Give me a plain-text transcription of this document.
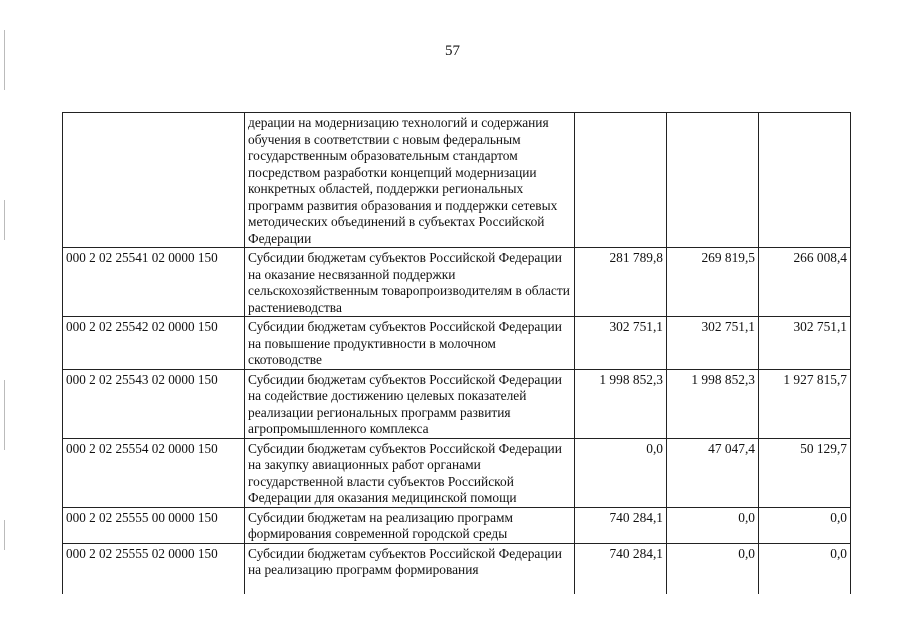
57
	дерации на модернизацию технологий и содержания обучения в соответствии с новым федеральным государственным образовательным стандартом посредством разработки концепций модернизации конкретных областей, поддержки региональных программ развития образования и поддержки сетевых методических объединений в субъектах Российской Федерации			
000 2 02 25541 02 0000 150	Субсидии бюджетам субъектов Российской Федерации на оказание несвязанной поддержки сельскохозяйственным товаропроизводителям в области растениеводства	281 789,8	269 819,5	266 008,4
000 2 02 25542 02 0000 150	Субсидии бюджетам субъектов Российской Федерации на повышение продуктивности в молочном скотоводстве	302 751,1	302 751,1	302 751,1
000 2 02 25543 02 0000 150	Субсидии бюджетам субъектов Российской Федерации на содействие достижению целевых показателей реализации региональных программ развития агропромышленного комплекса	1 998 852,3	1 998 852,3	1 927 815,7
000 2 02 25554 02 0000 150	Субсидии бюджетам субъектов Российской Федерации на закупку авиационных работ органами государственной власти субъектов Российской Федерации для оказания медицинской помощи	0,0	47 047,4	50 129,7
000 2 02 25555 00 0000 150	Субсидии бюджетам на реализацию программ формирования современной городской среды	740 284,1	0,0	0,0
000 2 02 25555 02 0000 150	Субсидии бюджетам субъектов Российской Федерации на реализацию программ формирования	740 284,1	0,0	0,0
